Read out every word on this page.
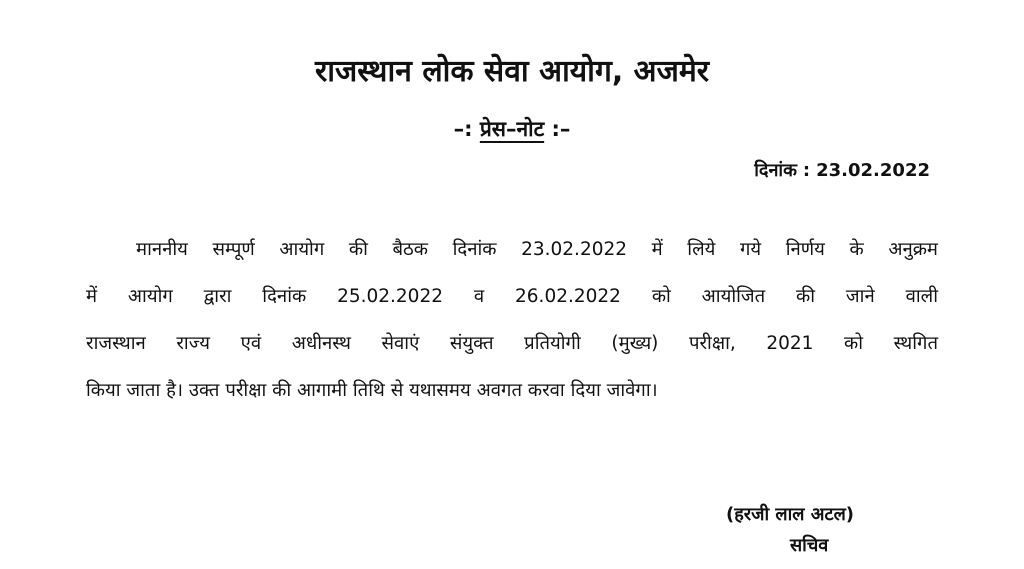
राजस्थान लोक सेवा आयोग, अजमेर
–: प्रेस–नोट :–
दिनांक : 23.02.2022

माननीय सम्पूर्ण आयोग की बैठक दिनांक 23.02.2022 में लिये गये निर्णय के अनुक्रम
में आयोग द्वारा दिनांक 25.02.2022 व 26.02.2022 को आयोजित की जाने वाली
राजस्थान राज्य एवं अधीनस्थ सेवाएं संयुक्त प्रतियोगी (मुख्य) परीक्षा, 2021 को स्थगित
किया जाता है। उक्त परीक्षा की आगामी तिथि से यथासमय अवगत करवा दिया जावेगा।

(हरजी लाल अटल)
सचिव
